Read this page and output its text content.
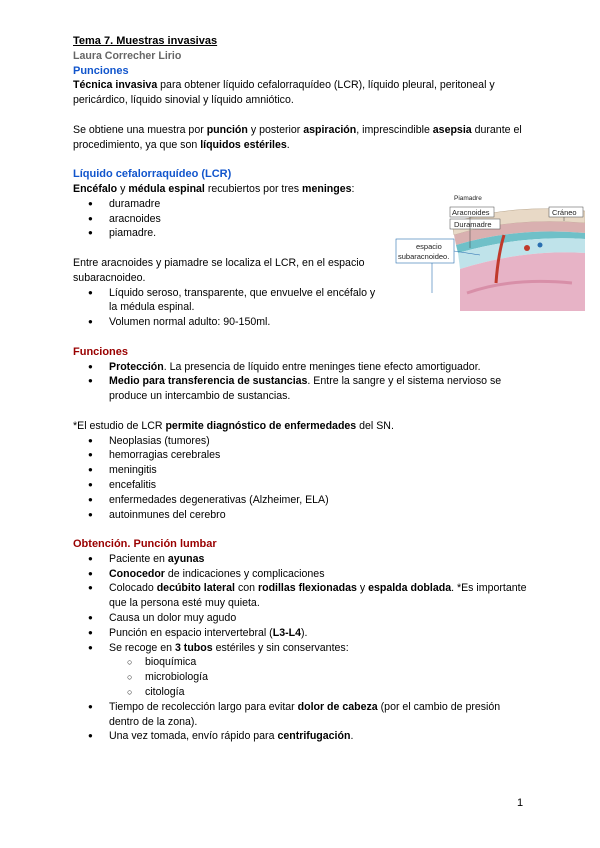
Tema 7. Muestras invasivas
Laura Correcher Lirio
Punciones

Técnica invasiva para obtener líquido cefalorraquídeo (LCR), líquido pleural, peritoneal y pericárdico, líquido sinovial y líquido amniótico.

Se obtiene una muestra por punción y posterior aspiración, imprescindible asepsia durante el procedimiento, ya que son líquidos estériles.

Líquido cefalorraquídeo (LCR)

Encéfalo y médula espinal recubiertos por tres meninges:

● duramadre
● aracnoides
● piamadre.

Entre aracnoides y piamadre se localiza el LCR, en el espacio subaracnoideo.

● Líquido seroso, transparente, que envuelve el encéfalo y la médula espinal.
● Volumen normal adulto: 90-150ml.
Funciones
● Protección. La presencia de líquido entre meninges tiene efecto amortiguador.
● Medio para transferencia de sustancias. Entre la sangre y el sistema nervioso se produce un intercambio de sustancias.

*El estudio de LCR permite diagnóstico de enfermedades del SN.

● Neoplasias (tumores)
● hemorragias cerebrales
● meningitis
● encefalitis
● enfermedades degenerativas (Alzheimer, ELA)
● autoinmunes del cerebro
Obtención. Punción lumbar
● Paciente en ayunas
● Conocedor de indicaciones y complicaciones
● Colocado decúbito lateral con rodillas flexionadas y espalda doblada. *Es importante que la persona esté muy quieta.
● Causa un dolor muy agudo
● Punción en espacio intervertebral (L3-L4).
● Se recoge en 3 tubos estériles y sin conservantes:
○ bioquímica
○ microbiología
○ citología
● Tiempo de recolección largo para evitar dolor de cabeza (por el cambio de presión dentro de la zona).
● Una vez tomada, envío rápido para centrifugación.
Aracnoides	Cráneo
Piamadre
Duramadre
espacio
subaracnoideo.
1
